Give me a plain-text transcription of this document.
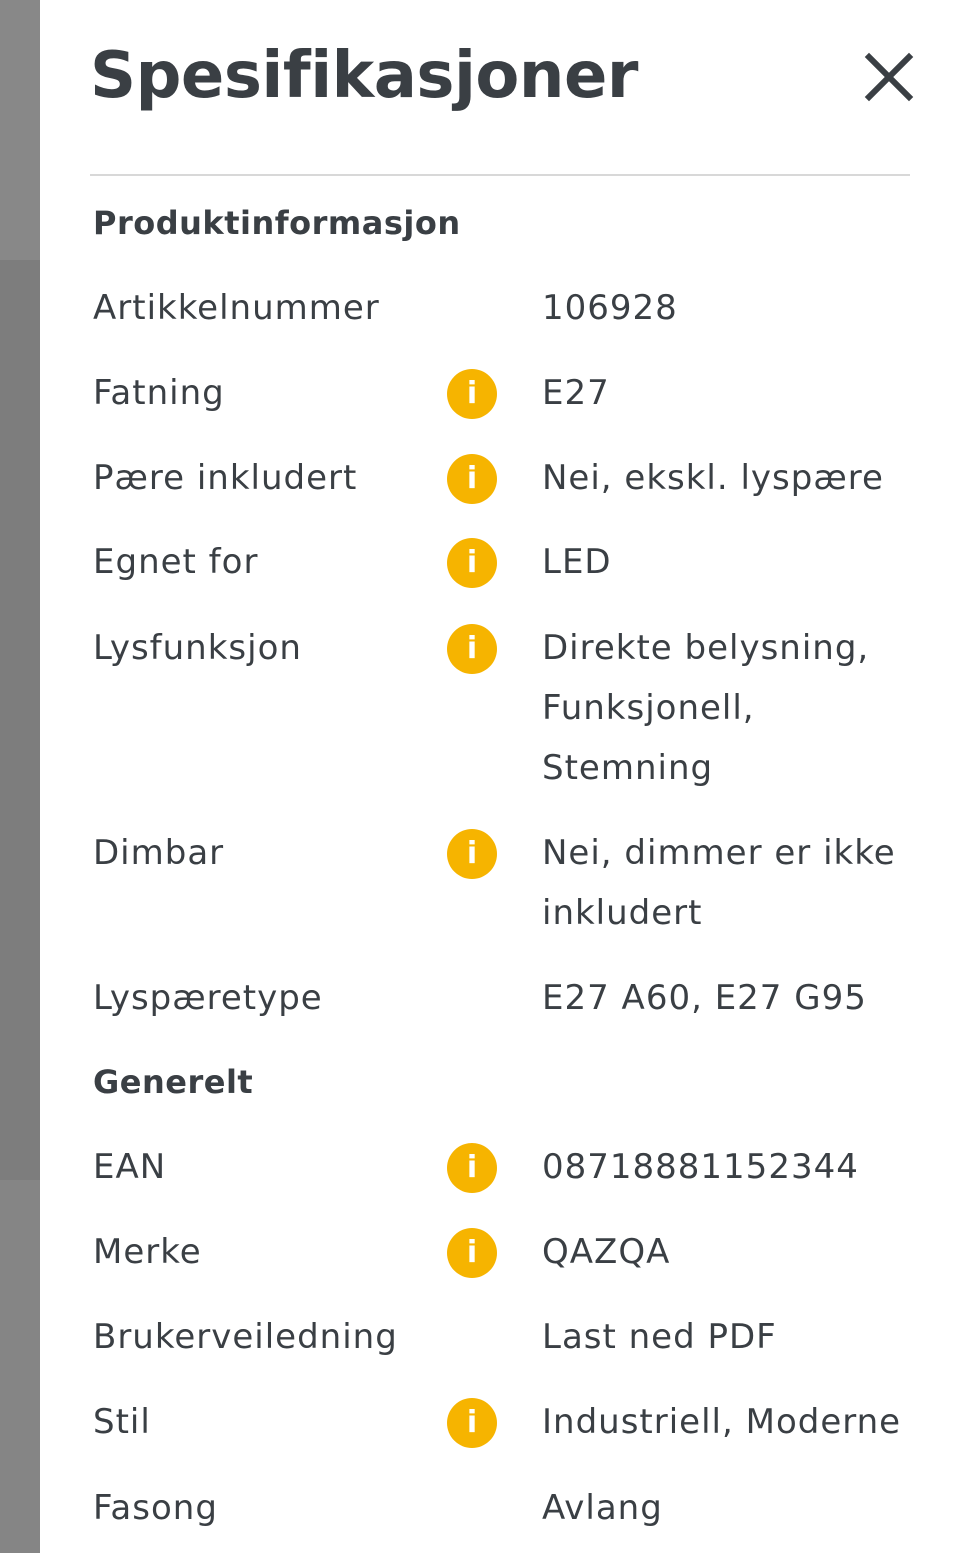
Spesifikasjoner
Produktinformasjon
Artikkelnummer	106928
Fatning	i	E27
Pære inkludert	i	Nei, ekskl. lyspære
Egnet for	i	LED
Lysfunksjon	i	Direkte belysning,
Funksjonell,
Stemning
Dimbar	i	Nei, dimmer er ikke
inkludert
Lyspæretype	E27 A60, E27 G95
Generelt
EAN	i	08718881152344
Merke	i	QAZQA
Brukerveiledning	Last ned PDF
Stil	i	Industriell, Moderne
Fasong	Avlang
